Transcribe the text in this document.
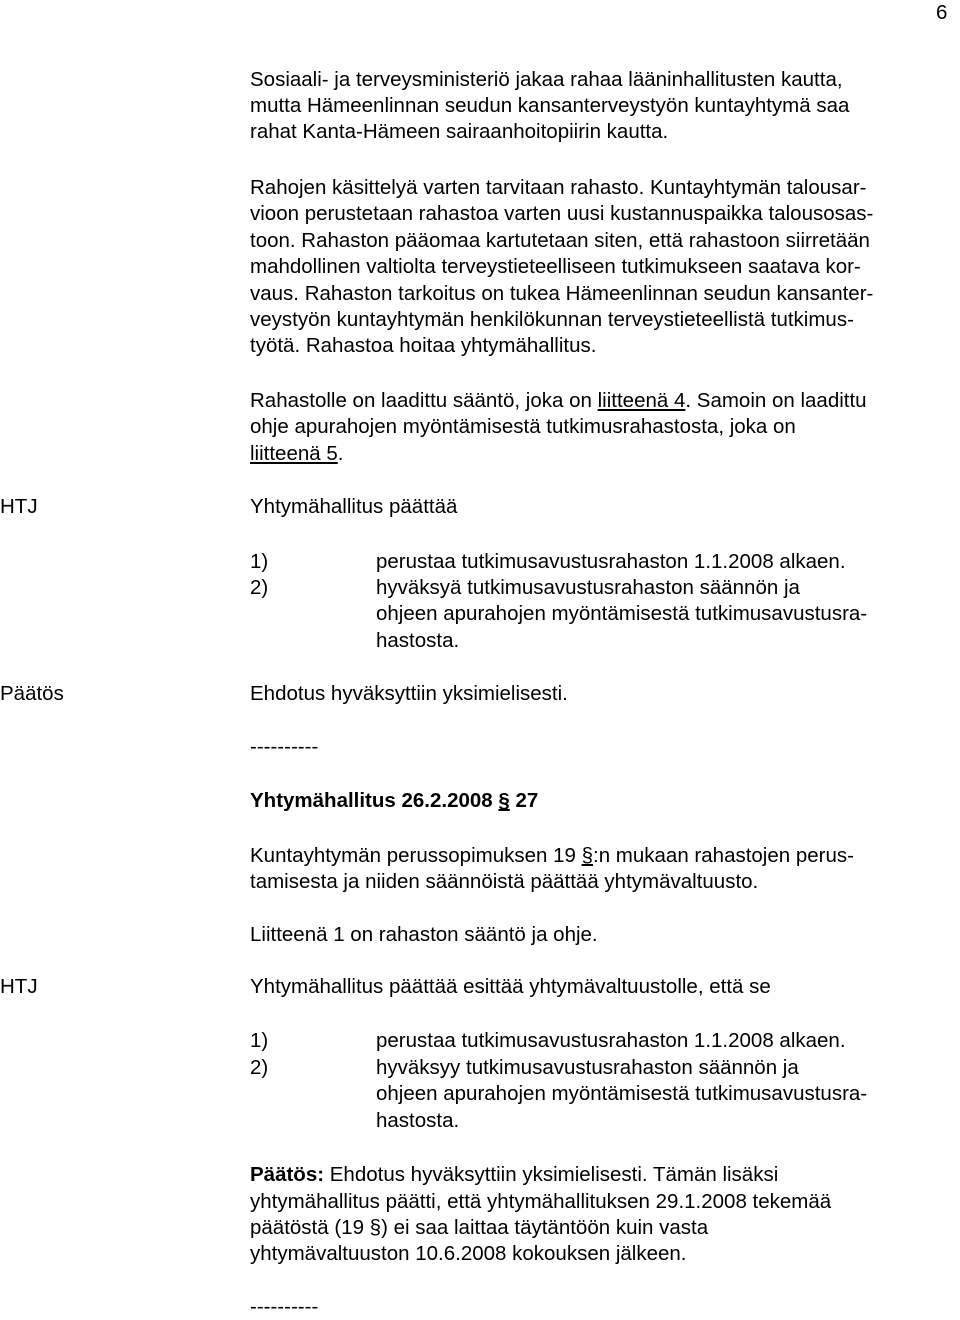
6
Sosiaali- ja terveysministeriö jakaa rahaa lääninhallitusten kautta,
mutta Hämeenlinnan seudun kansanterveystyön kuntayhtymä saa
rahat Kanta-Hämeen sairaanhoitopiirin kautta.
Rahojen käsittelyä varten tarvitaan rahasto. Kuntayhtymän talousar-
vioon perustetaan rahastoa varten uusi kustannuspaikka talousosas-
toon. Rahaston pääomaa kartutetaan siten, että rahastoon siirretään
mahdollinen valtiolta terveystieteelliseen tutkimukseen saatava kor-
vaus. Rahaston tarkoitus on tukea Hämeenlinnan seudun kansanter-
veystyön kuntayhtymän henkilökunnan terveystieteellistä tutkimus-
työtä. Rahastoa hoitaa yhtymähallitus.
Rahastolle on laadittu sääntö, joka on liitteenä 4. Samoin on laadittu
ohje apurahojen myöntämisestä tutkimusrahastosta, joka on
liitteenä 5.
HTJ	Yhtymähallitus päättää
1)	perustaa tutkimusavustusrahaston 1.1.2008 alkaen.
2)	hyväksyä tutkimusavustusrahaston säännön ja
ohjeen apurahojen myöntämisestä tutkimusavustusra-
hastosta.
Päätös	Ehdotus hyväksyttiin yksimielisesti.
----------
Yhtymähallitus 26.2.2008 § 27
Kuntayhtymän perussopimuksen 19 §:n mukaan rahastojen perus-
tamisesta ja niiden säännöistä päättää yhtymävaltuusto.
Liitteenä 1 on rahaston sääntö ja ohje.
HTJ	Yhtymähallitus päättää esittää yhtymävaltuustolle, että se
1)	perustaa tutkimusavustusrahaston 1.1.2008 alkaen.
2)	hyväksyy tutkimusavustusrahaston säännön ja
ohjeen apurahojen myöntämisestä tutkimusavustusra-
hastosta.
Päätös: Ehdotus hyväksyttiin yksimielisesti. Tämän lisäksi
yhtymähallitus päätti, että yhtymähallituksen 29.1.2008 tekemää
päätöstä (19 §) ei saa laittaa täytäntöön kuin vasta
yhtymävaltuuston 10.6.2008 kokouksen jälkeen.
----------
